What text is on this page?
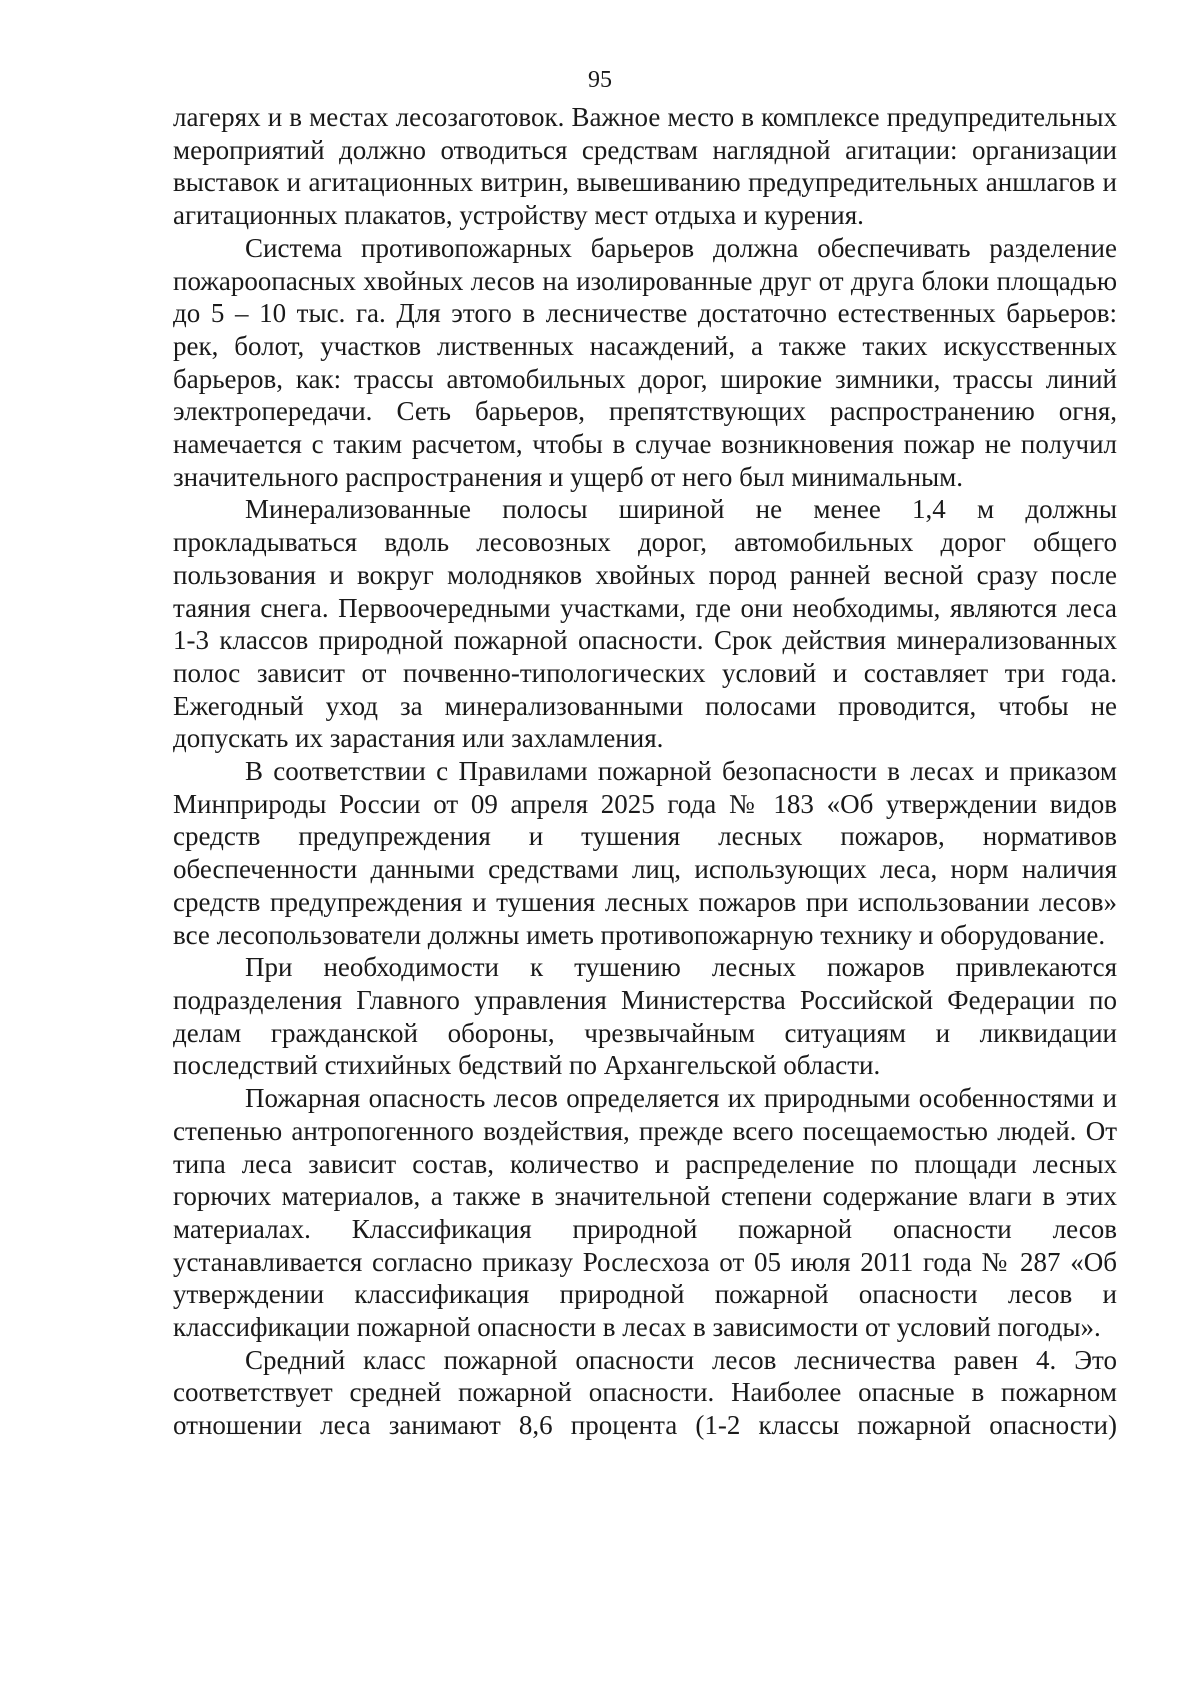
95

лагерях и в местах лесозаготовок. Важное место в комплексе предупредительных мероприятий должно отводиться средствам наглядной агитации: организации выставок и агитационных витрин, вывешиванию предупредительных аншлагов и агитационных плакатов, устройству мест отдыха и курения.

Система противопожарных барьеров должна обеспечивать разделение пожароопасных хвойных лесов на изолированные друг от друга блоки площадью до 5 – 10 тыс. га. Для этого в лесничестве достаточно естественных барьеров: рек, болот, участков лиственных насаждений, а также таких искусственных барьеров, как: трассы автомобильных дорог, широкие зимники, трассы линий электропередачи. Сеть барьеров, препятствующих распространению огня, намечается с таким расчетом, чтобы в случае возникновения пожар не получил значительного распространения и ущерб от него был минимальным.

Минерализованные полосы шириной не менее 1,4 м должны прокладываться вдоль лесовозных дорог, автомобильных дорог общего пользования и вокруг молодняков хвойных пород ранней весной сразу после таяния снега. Первоочередными участками, где они необходимы, являются леса 1-3 классов природной пожарной опасности. Срок действия минерализованных полос зависит от почвенно-типологических условий и составляет три года. Ежегодный уход за минерализованными полосами проводится, чтобы не допускать их зарастания или захламления.

В соответствии с Правилами пожарной безопасности в лесах и приказом Минприроды России от 09 апреля 2025 года № 183 «Об утверждении видов средств предупреждения и тушения лесных пожаров, нормативов обеспеченности данными средствами лиц, использующих леса, норм наличия средств предупреждения и тушения лесных пожаров при использовании лесов» все лесопользователи должны иметь противопожарную технику и оборудование.

При необходимости к тушению лесных пожаров привлекаются подразделения Главного управления Министерства Российской Федерации по делам гражданской обороны, чрезвычайным ситуациям и ликвидации последствий стихийных бедствий по Архангельской области.

Пожарная опасность лесов определяется их природными особенностями и степенью антропогенного воздействия, прежде всего посещаемостью людей. От типа леса зависит состав, количество и распределение по площади лесных горючих материалов, а также в значительной степени содержание влаги в этих материалах. Классификация природной пожарной опасности лесов устанавливается согласно приказу Рослесхоза от 05 июля 2011 года № 287 «Об утверждении классификация природной пожарной опасности лесов и классификации пожарной опасности в лесах в зависимости от условий погоды».

Средний класс пожарной опасности лесов лесничества равен 4. Это соответствует средней пожарной опасности. Наиболее опасные в пожарном отношении леса занимают 8,6 процента (1-2 классы пожарной опасности)
